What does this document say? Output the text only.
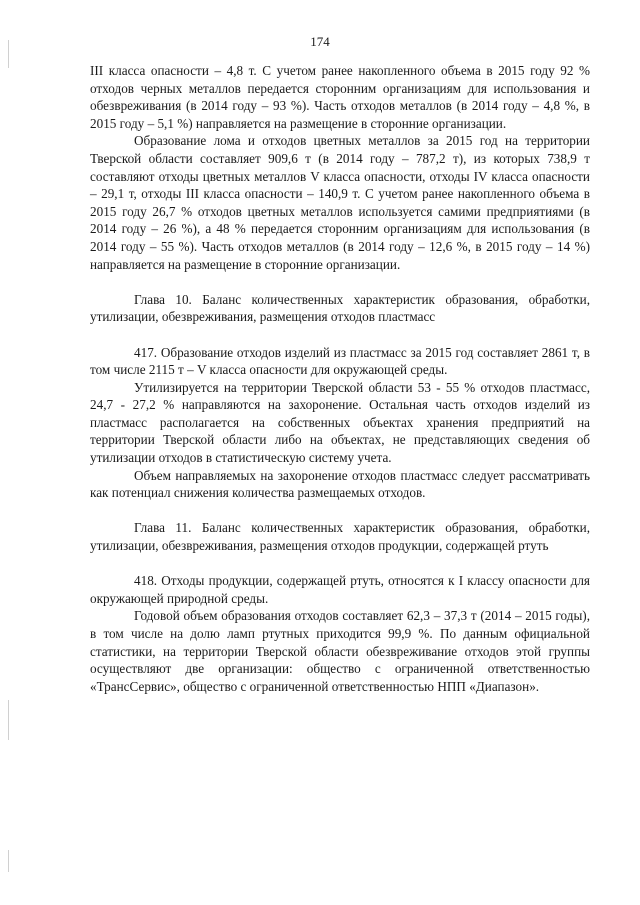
174

III класса опасности – 4,8 т. С учетом ранее накопленного объема в 2015 году 92 % отходов черных металлов передается сторонним организациям для использования и обезвреживания (в 2014 году – 93 %). Часть отходов металлов (в 2014 году – 4,8 %, в 2015 году – 5,1 %) направляется на размещение в сторонние организации.

Образование лома и отходов цветных металлов за 2015 год на территории Тверской области составляет 909,6 т (в 2014 году – 787,2 т), из которых 738,9 т составляют отходы цветных металлов V класса опасности, отходы IV класса опасности – 29,1 т, отходы III класса опасности – 140,9 т. С учетом ранее накопленного объема в 2015 году 26,7 % отходов цветных металлов используется самими предприятиями (в 2014 году – 26 %), а 48 % передается сторонним организациям для использования (в 2014 году – 55 %). Часть отходов металлов (в 2014 году – 12,6 %, в 2015 году – 14 %) направляется на размещение в сторонние организации.

Глава 10. Баланс количественных характеристик образования, обработки, утилизации, обезвреживания, размещения отходов пластмасс

417. Образование отходов изделий из пластмасс за 2015 год составляет 2861 т, в том числе 2115 т – V класса опасности для окружающей среды.

Утилизируется на территории Тверской области 53 - 55 % отходов пластмасс, 24,7 - 27,2 % направляются на захоронение. Остальная часть отходов изделий из пластмасс располагается на собственных объектах хранения предприятий на территории Тверской области либо на объектах, не представляющих сведения об утилизации отходов в статистическую систему учета.

Объем направляемых на захоронение отходов пластмасс следует рассматривать как потенциал снижения количества размещаемых отходов.

Глава 11. Баланс количественных характеристик образования, обработки, утилизации, обезвреживания, размещения отходов продукции, содержащей ртуть

418. Отходы продукции, содержащей ртуть, относятся к I классу опасности для окружающей природной среды.

Годовой объем образования отходов составляет 62,3 – 37,3 т (2014 – 2015 годы), в том числе на долю ламп ртутных приходится 99,9 %. По данным официальной статистики, на территории Тверской области обезвреживание отходов этой группы осуществляют две организации: общество с ограниченной ответственностью «ТрансСервис», общество с ограниченной ответственностью НПП «Диапазон».
